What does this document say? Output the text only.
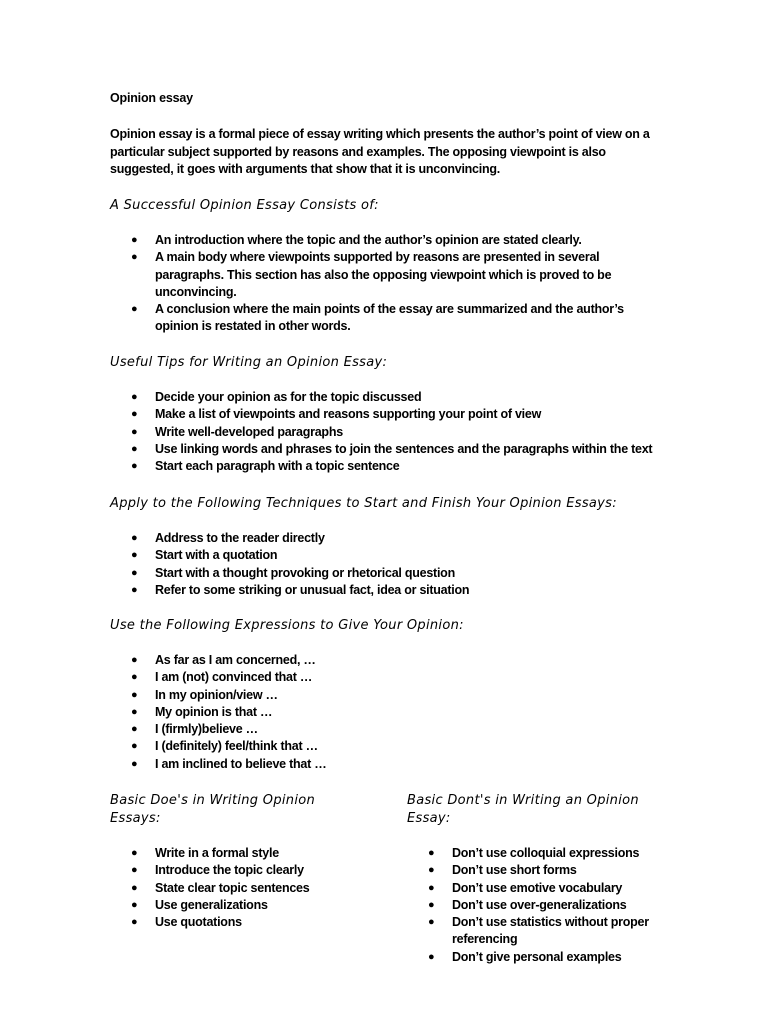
Opinion essay

Opinion essay is a formal piece of essay writing which presents the author’s point of view on a particular subject supported by reasons and examples. The opposing viewpoint is also suggested, it goes with arguments that show that it is unconvincing.

A Successful Opinion Essay Consists of:
● An introduction where the topic and the author’s opinion are stated clearly.
● A main body where viewpoints supported by reasons are presented in several paragraphs. This section has also the opposing viewpoint which is proved to be unconvincing.
● A conclusion where the main points of the essay are summarized and the author’s opinion is restated in other words.
Useful Tips for Writing an Opinion Essay:
● Decide your opinion as for the topic discussed
● Make a list of viewpoints and reasons supporting your point of view
● Write well-developed paragraphs
● Use linking words and phrases to join the sentences and the paragraphs within the text
● Start each paragraph with a topic sentence
Apply to the Following Techniques to Start and Finish Your Opinion Essays:
● Address to the reader directly
● Start with a quotation
● Start with a thought provoking or rhetorical question
● Refer to some striking or unusual fact, idea or situation
Use the Following Expressions to Give Your Opinion:
● As far as I am concerned, …
● I am (not) convinced that …
● In my opinion/view …
● My opinion is that …
● I (firmly)believe …
● I (definitely) feel/think that …
● I am inclined to believe that …
Basic Doe's in Writing Opinion Essays:
● Write in a formal style
● Introduce the topic clearly
● State clear topic sentences
● Use generalizations
● Use quotations
Basic Dont's in Writing an Opinion Essay:
● Don’t use colloquial expressions
● Don’t use short forms
● Don’t use emotive vocabulary
● Don’t use over-generalizations
● Don’t use statistics without proper referencing
● Don’t give personal examples
